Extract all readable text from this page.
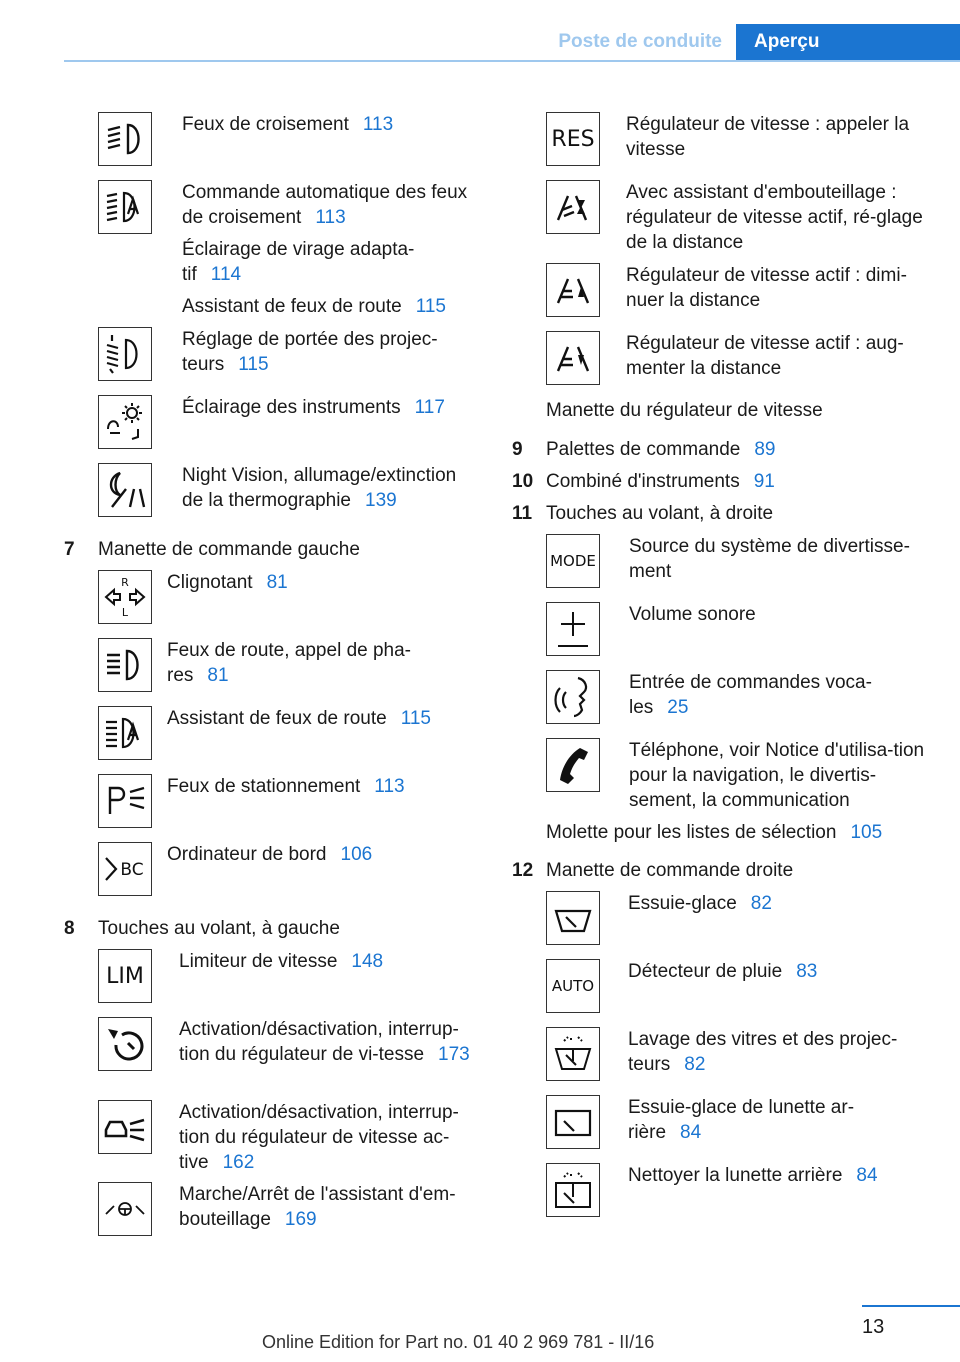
Poste de conduite	Aperçu
Feux de croisement 113
Commande automatique des feux de croisement 113
Éclairage de virage adapta-tif 114
Assistant de feux de route 115
Réglage de portée des projec-teurs 115
Éclairage des instruments 117
Night Vision, allumage/extinction de la thermographie 139
7 Manette de commande gauche
R
L
Clignotant 81
Feux de route, appel de pha-res 81
Assistant de feux de route 115
Feux de stationnement 113
BC
Ordinateur de bord 106
8 Touches au volant, à gauche
LIM
Limiteur de vitesse 148
Activation/désactivation, interrup-tion du régulateur de vi-tesse 173
Activation/désactivation, interrup-tion du régulateur de vitesse ac-tive 162
Marche/Arrêt de l'assistant d'em-bouteillage 169
RES
Régulateur de vitesse : appeler la vitesse
Avec assistant d'embouteillage : régulateur de vitesse actif, ré-glage de la distance
Régulateur de vitesse actif : dimi-nuer la distance
Régulateur de vitesse actif : aug-menter la distance
Manette du régulateur de vitesse
9 Palettes de commande 89
10 Combiné d'instruments 91
11 Touches au volant, à droite
MODE
Source du système de divertisse-ment
Volume sonore
Entrée de commandes voca-les 25
Téléphone, voir Notice d'utilisa-tion pour la navigation, le divertis-sement, la communication
Molette pour les listes de sélection 105
12 Manette de commande droite
Essuie-glace 82
AUTO
Détecteur de pluie 83
Lavage des vitres et des projec-teurs 82
Essuie-glace de lunette ar-rière 84
Nettoyer la lunette arrière 84
13
Online Edition for Part no. 01 40 2 969 781 - II/16
